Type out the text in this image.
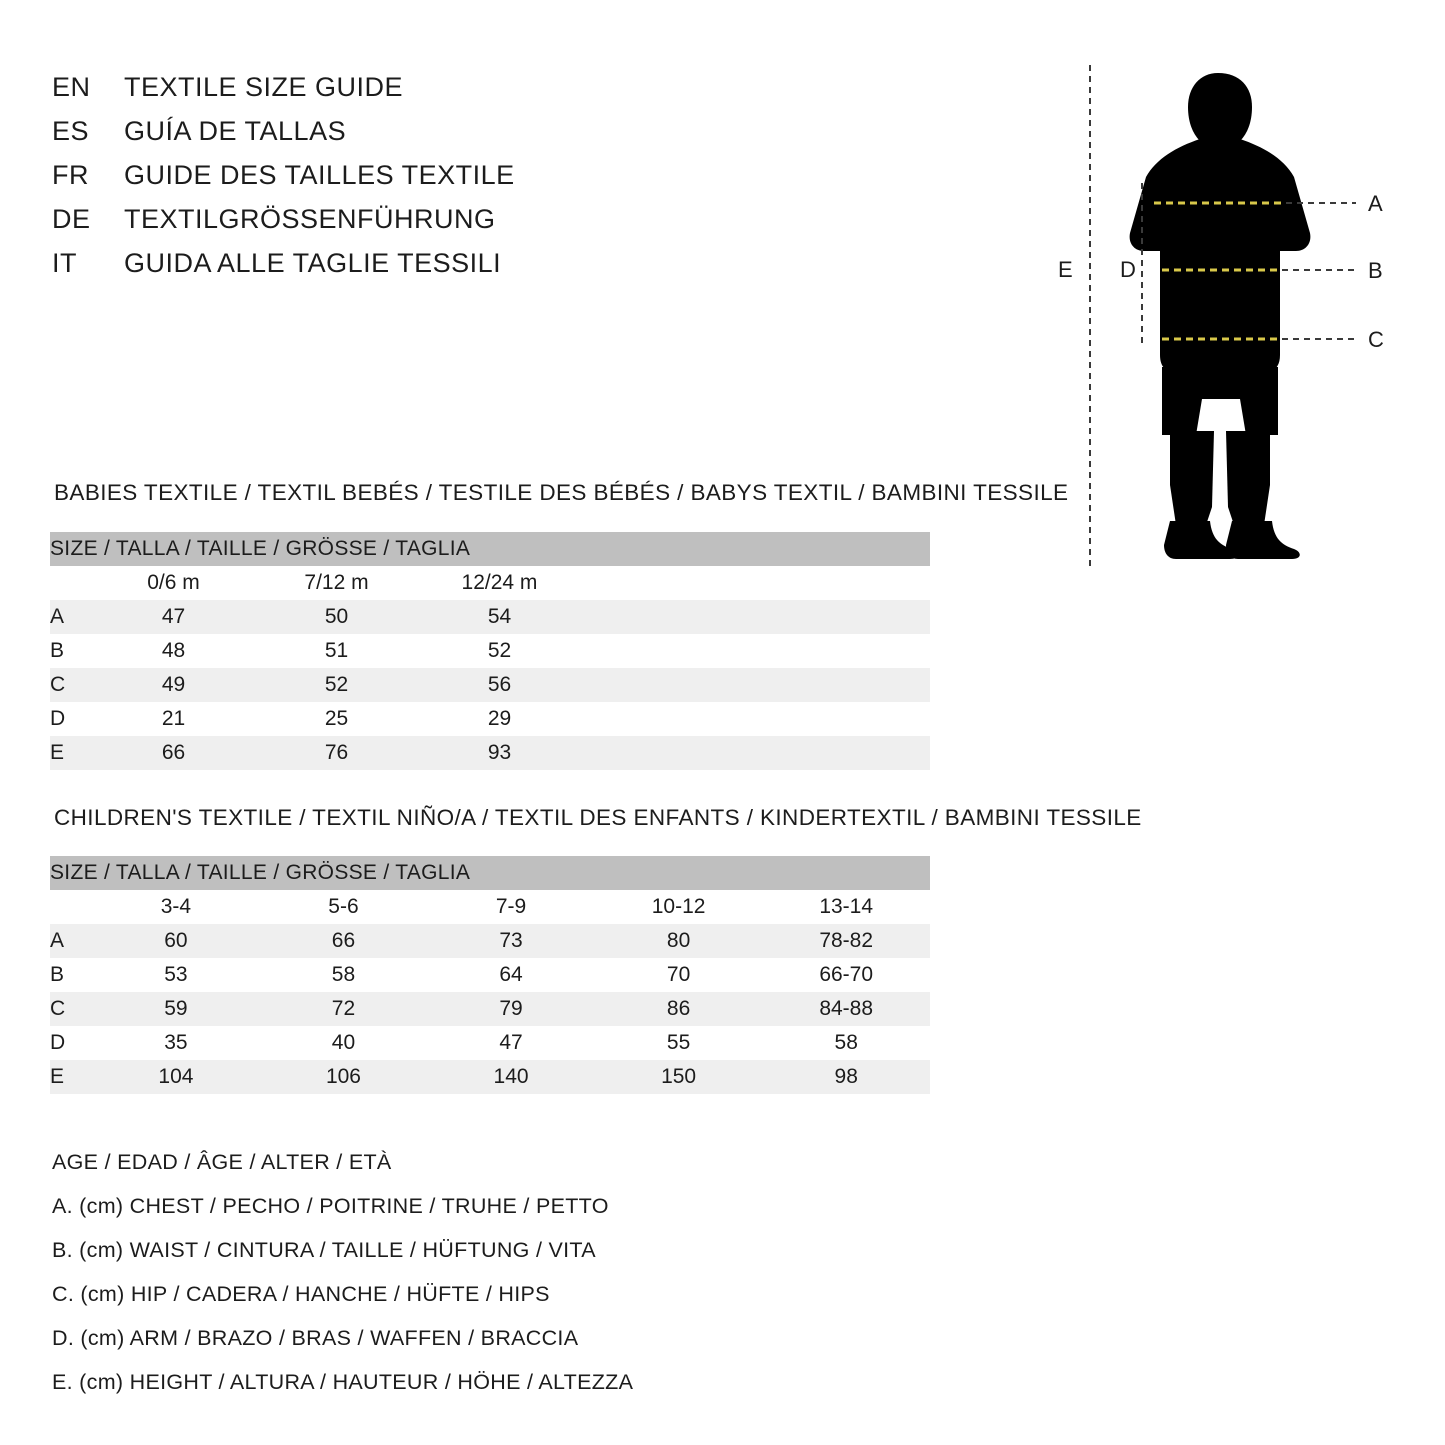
EN	TEXTILE SIZE GUIDE
ES	GUÍA DE TALLAS
FR	GUIDE DES TAILLES TEXTILE
DE	TEXTILGRÖSSENFÜHRUNG
IT	GUIDA ALLE TAGLIE TESSILI
A
B
C
D
E
BABIES TEXTILE / TEXTIL BEBÉS / TESTILE DES BÉBÉS / BABYS TEXTIL / BAMBINI TESSILE
SIZE / TALLA / TAILLE / GRÖSSE / TAGLIA				
	0/6 m	7/12 m	12/24 m	
A	47	50	54	
B	48	51	52	
C	49	52	56	
D	21	25	29	
E	66	76	93	
CHILDREN'S TEXTILE / TEXTIL NIÑO/A / TEXTIL DES ENFANTS / KINDERTEXTIL / BAMBINI TESSILE
SIZE / TALLA / TAILLE / GRÖSSE / TAGLIA					
	3-4	5-6	7-9	10-12	13-14
A	60	66	73	80	78-82
B	53	58	64	70	66-70
C	59	72	79	86	84-88
D	35	40	47	55	58
E	104	106	140	150	98
AGE / EDAD / ÂGE / ALTER / ETÀ
A. (cm) CHEST / PECHO / POITRINE / TRUHE / PETTO
B. (cm) WAIST / CINTURA / TAILLE / HÜFTUNG / VITA
C. (cm) HIP / CADERA / HANCHE / HÜFTE / HIPS
D. (cm) ARM / BRAZO / BRAS / WAFFEN / BRACCIA
E. (cm) HEIGHT / ALTURA / HAUTEUR / HÖHE / ALTEZZA
